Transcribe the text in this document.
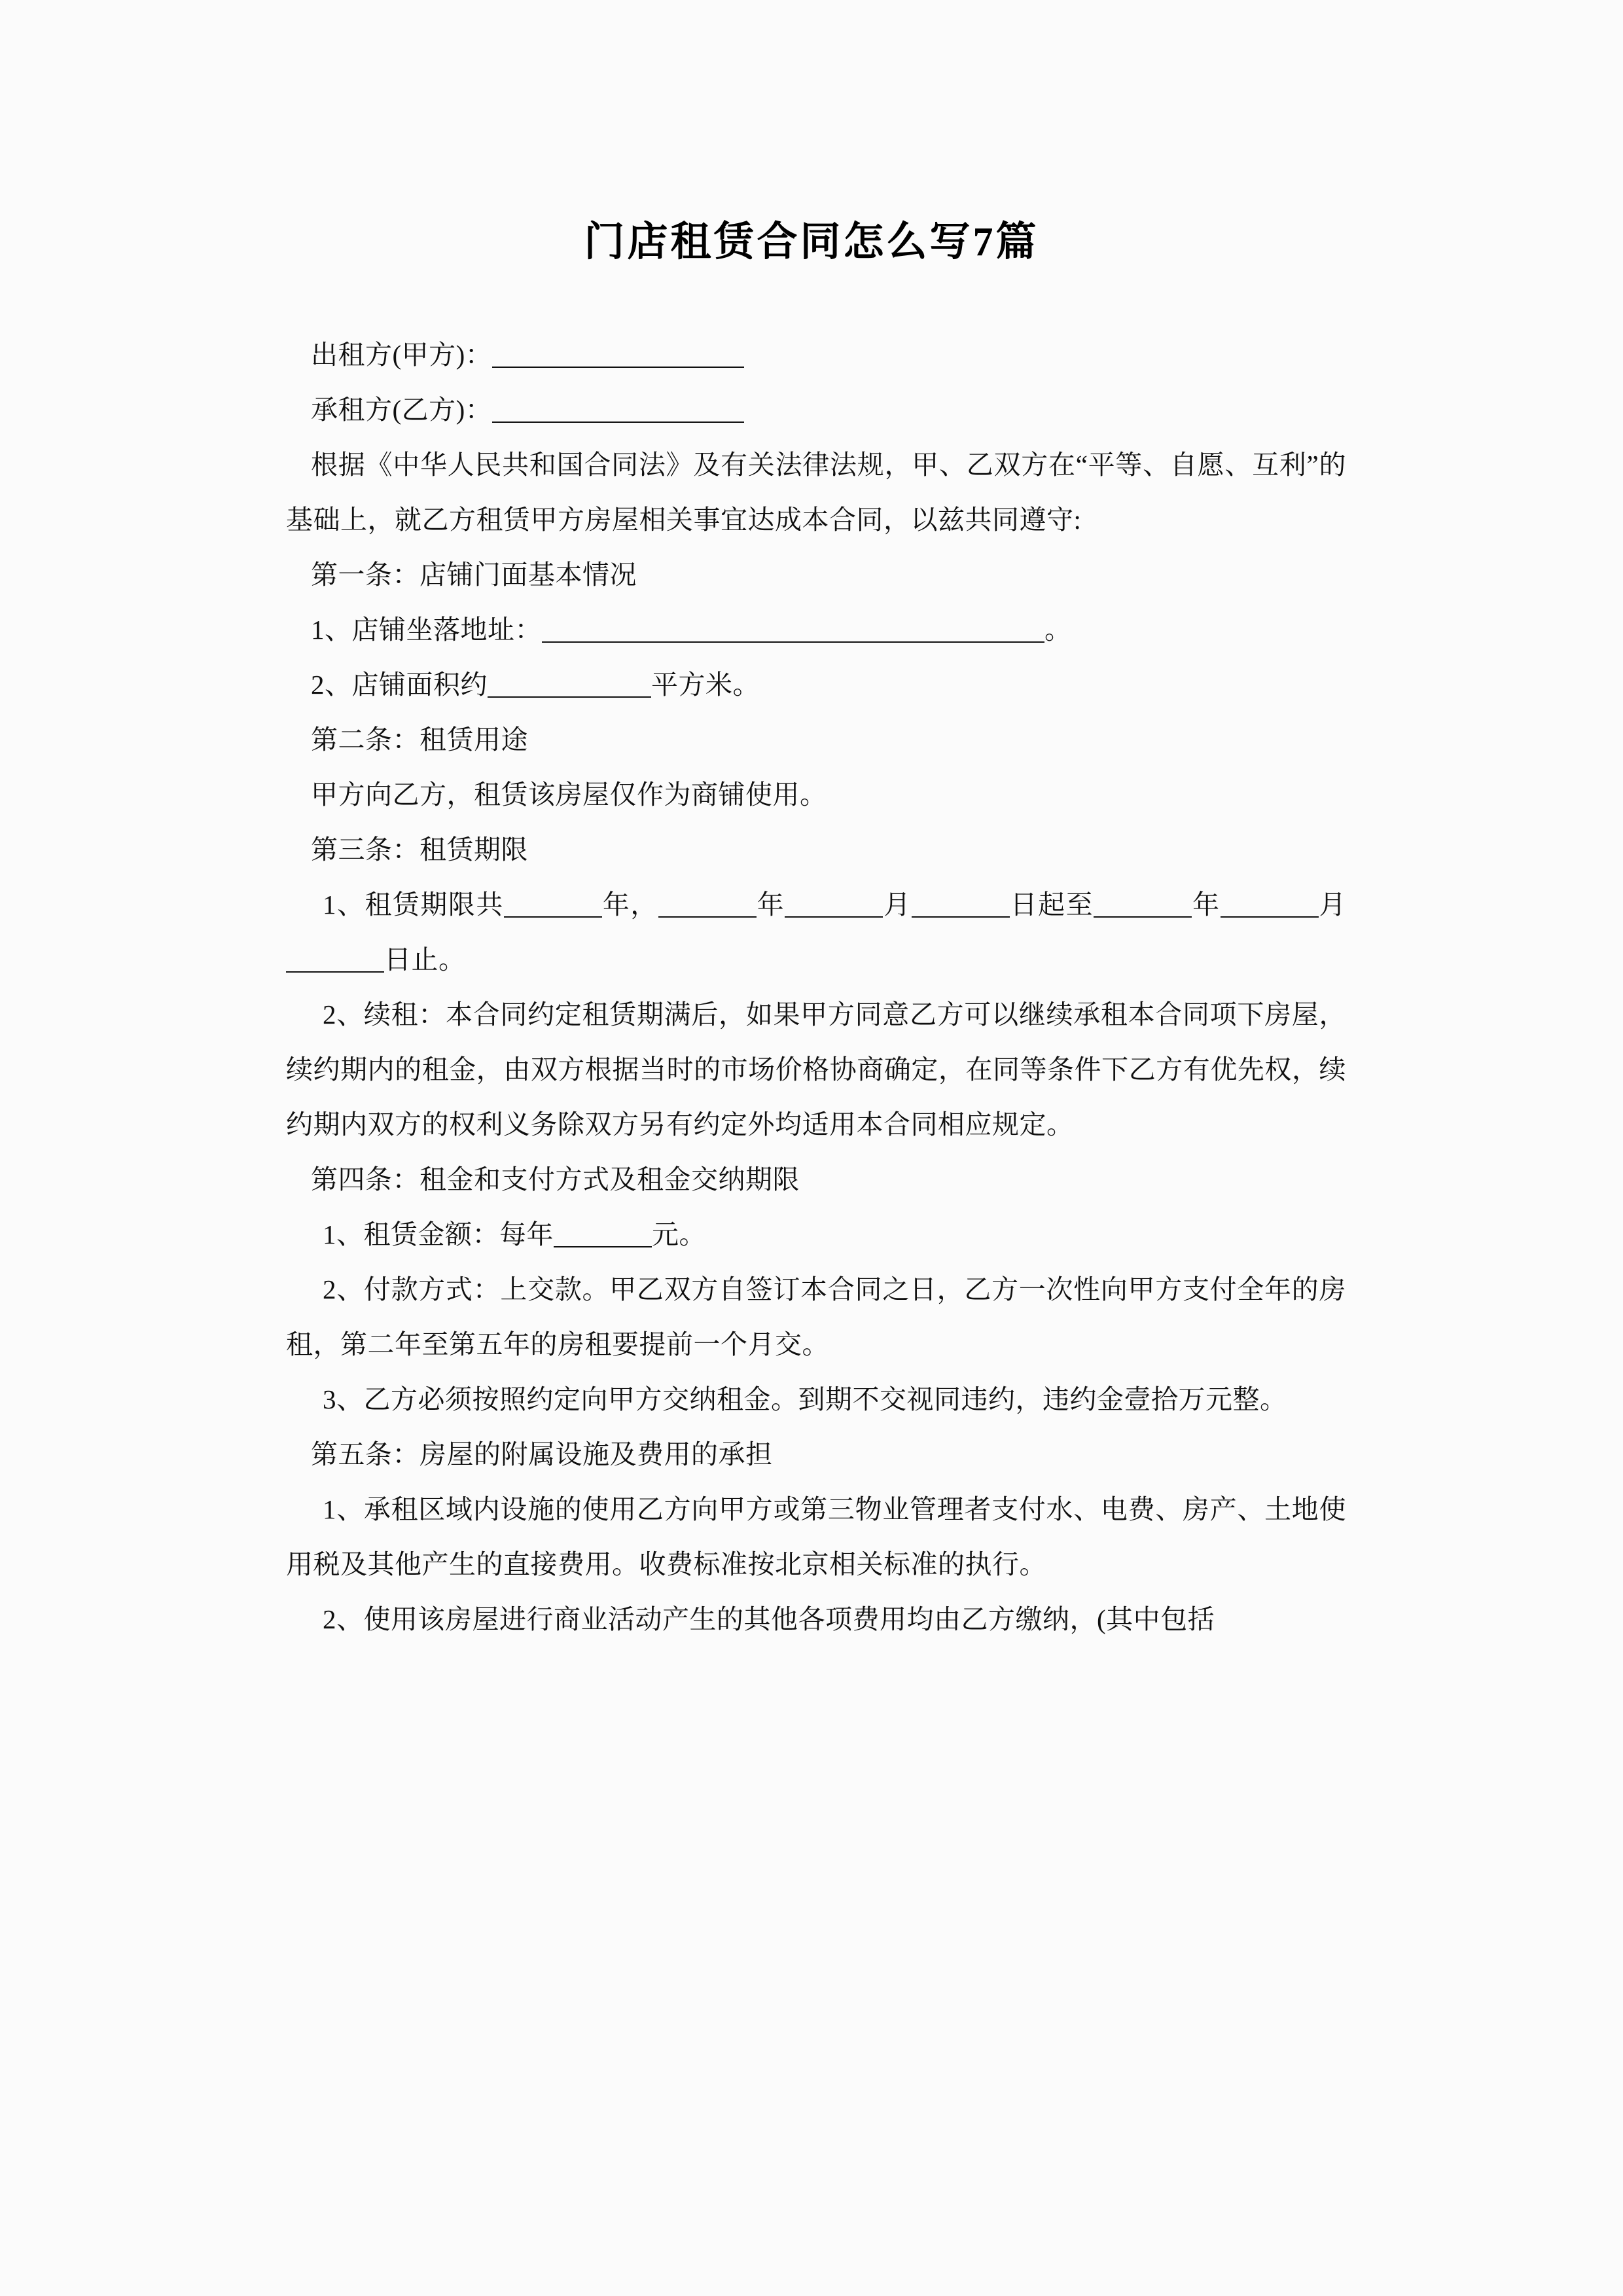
门店租赁合同怎么写7篇

出租方(甲方)：

承租方(乙方)：

根据《中华人民共和国合同法》及有关法律法规，甲、乙双方在“平等、自愿、互利”的基础上，就乙方租赁甲方房屋相关事宜达成本合同，以兹共同遵守:

第一条：店铺门面基本情况

1、店铺坐落地址：	。

2、店铺面积约	平方米。

第二条：租赁用途

甲方向乙方，租赁该房屋仅作为商铺使用。

第三条：租赁期限

1、租赁期限共	年，	年	月	日起至	年	月日止。

2、续租：本合同约定租赁期满后，如果甲方同意乙方可以继续承租本合同项下房屋，续约期内的租金，由双方根据当时的市场价格协商确定，在同等条件下乙方有优先权，续约期内双方的权利义务除双方另有约定外均适用本合同相应规定。

第四条：租金和支付方式及租金交纳期限

1、租赁金额：每年	元。

2、付款方式：上交款。甲乙双方自签订本合同之日，乙方一次性向甲方支付全年的房租，第二年至第五年的房租要提前一个月交。

3、乙方必须按照约定向甲方交纳租金。到期不交视同违约，违约金壹拾万元整。

第五条：房屋的附属设施及费用的承担

1、承租区域内设施的使用乙方向甲方或第三物业管理者支付水、电费、房产、土地使用税及其他产生的直接费用。收费标准按北京相关标准的执行。

2、使用该房屋进行商业活动产生的其他各项费用均由乙方缴纳，(其中包括
